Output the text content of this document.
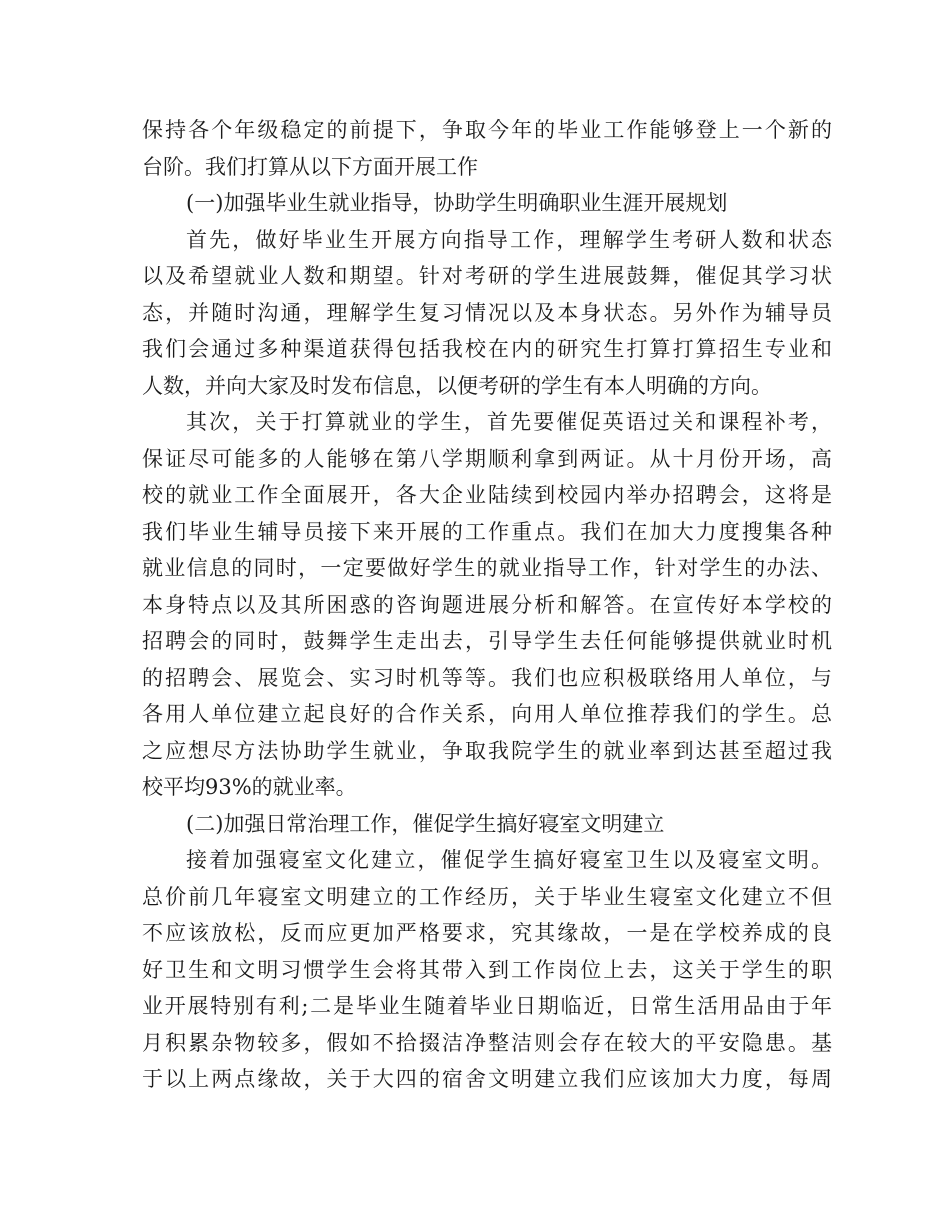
保持各个年级稳定的前提下，争取今年的毕业工作能够登上一个新的
台阶。我们打算从以下方面开展工作
(一)加强毕业生就业指导，协助学生明确职业生涯开展规划
首先，做好毕业生开展方向指导工作，理解学生考研人数和状态
以及希望就业人数和期望。针对考研的学生进展鼓舞，催促其学习状
态，并随时沟通，理解学生复习情况以及本身状态。另外作为辅导员
我们会通过多种渠道获得包括我校在内的研究生打算打算招生专业和
人数，并向大家及时发布信息，以便考研的学生有本人明确的方向。
其次，关于打算就业的学生，首先要催促英语过关和课程补考，
保证尽可能多的人能够在第八学期顺利拿到两证。从十月份开场，高
校的就业工作全面展开，各大企业陆续到校园内举办招聘会，这将是
我们毕业生辅导员接下来开展的工作重点。我们在加大力度搜集各种
就业信息的同时，一定要做好学生的就业指导工作，针对学生的办法、
本身特点以及其所困惑的咨询题进展分析和解答。在宣传好本学校的
招聘会的同时，鼓舞学生走出去，引导学生去任何能够提供就业时机
的招聘会、展览会、实习时机等等。我们也应积极联络用人单位，与
各用人单位建立起良好的合作关系，向用人单位推荐我们的学生。总
之应想尽方法协助学生就业，争取我院学生的就业率到达甚至超过我
校平均93%的就业率。
(二)加强日常治理工作，催促学生搞好寝室文明建立
接着加强寝室文化建立，催促学生搞好寝室卫生以及寝室文明。
总价前几年寝室文明建立的工作经历，关于毕业生寝室文化建立不但
不应该放松，反而应更加严格要求，究其缘故，一是在学校养成的良
好卫生和文明习惯学生会将其带入到工作岗位上去，这关于学生的职
业开展特别有利;二是毕业生随着毕业日期临近，日常生活用品由于年
月积累杂物较多，假如不拾掇洁净整洁则会存在较大的平安隐患。基
于以上两点缘故，关于大四的宿舍文明建立我们应该加大力度，每周
